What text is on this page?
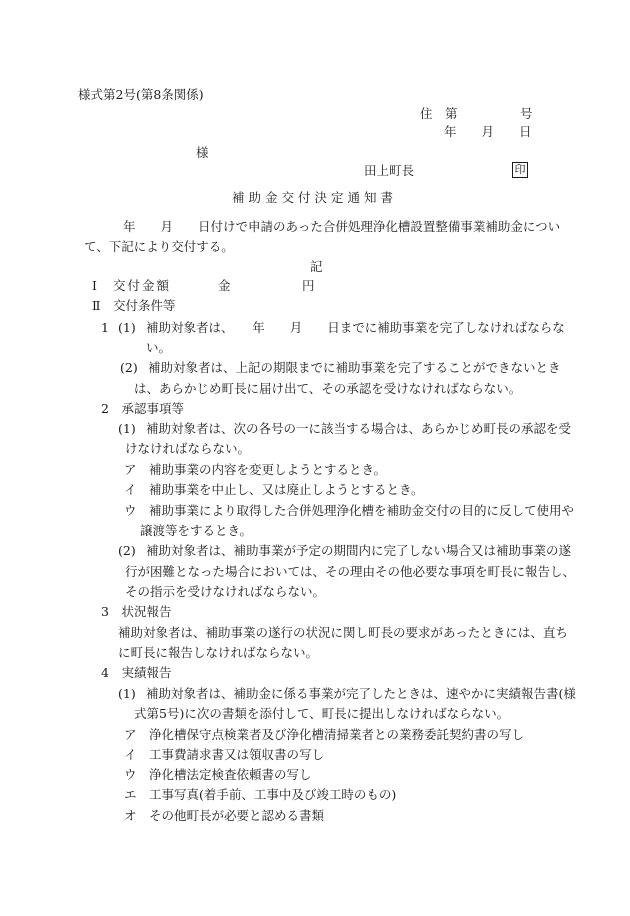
様式第2号(第8条関係)
住　第　　　　　号
年　　月　　日
様
田上町長	印
補助金交付決定通知書
年　　月　　日付けで申請のあった合併処理浄化槽設置整備事業補助金につい
て、下記により交付する。
記
Ⅰ 交付金額	金	円
Ⅱ 交付条件等
1 (1) 補助対象者は、　　年　　月　　日までに補助事業を完了しなければならな
い。
(2) 補助対象者は、上記の期限までに補助事業を完了することができないとき
は、あらかじめ町長に届け出て、その承認を受けなければならない。
2　承認事項等
(1) 補助対象者は、次の各号の一に該当する場合は、あらかじめ町長の承認を受
けなければならない。
ア　補助事業の内容を変更しようとするとき。
イ　補助事業を中止し、又は廃止しようとするとき。
ウ　補助事業により取得した合併処理浄化槽を補助金交付の目的に反して使用や
譲渡等をするとき。
(2) 補助対象者は、補助事業が予定の期間内に完了しない場合又は補助事業の遂
行が困難となった場合においては、その理由その他必要な事項を町長に報告し、
その指示を受けなければならない。
3　状況報告
補助対象者は、補助事業の遂行の状況に関し町長の要求があったときには、直ち
に町長に報告しなければならない。
4　実績報告
(1) 補助対象者は、補助金に係る事業が完了したときは、速やかに実績報告書(様
式第5号)に次の書類を添付して、町長に提出しなければならない。
ア　浄化槽保守点検業者及び浄化槽清掃業者との業務委託契約書の写し
イ　工事費請求書又は領収書の写し
ウ　浄化槽法定検査依頼書の写し
エ　工事写真(着手前、工事中及び竣工時のもの)
オ　その他町長が必要と認める書類
